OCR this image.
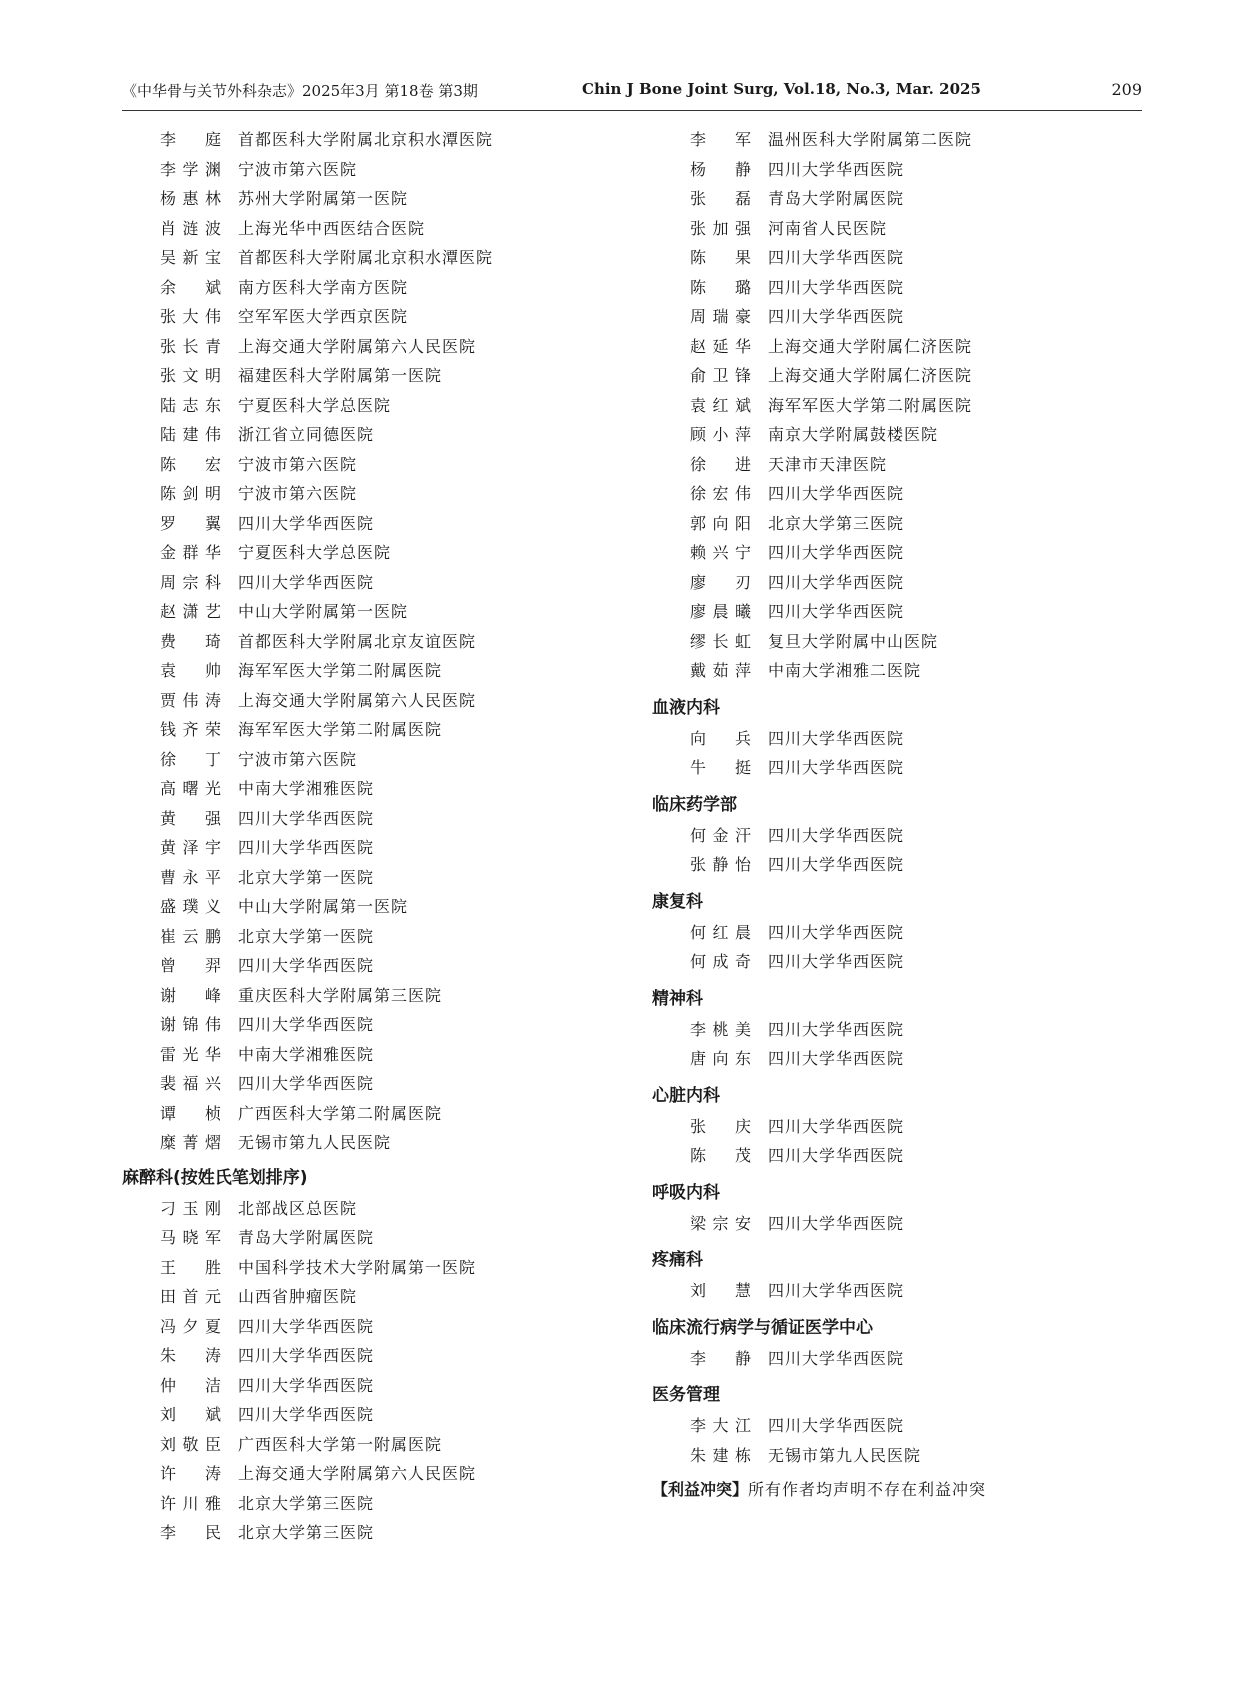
《中华骨与关节外科杂志》2025年3月 第18卷 第3期	Chin J Bone Joint Surg, Vol.18, No.3, Mar. 2025	209
李　庭 首都医科大学附属北京积水潭医院
李学渊 宁波市第六医院
杨惠林 苏州大学附属第一医院
肖涟波 上海光华中西医结合医院
吴新宝 首都医科大学附属北京积水潭医院
余　斌 南方医科大学南方医院
张大伟 空军军医大学西京医院
张长青 上海交通大学附属第六人民医院
张文明 福建医科大学附属第一医院
陆志东 宁夏医科大学总医院
陆建伟 浙江省立同德医院
陈　宏 宁波市第六医院
陈剑明 宁波市第六医院
罗　翼 四川大学华西医院
金群华 宁夏医科大学总医院
周宗科 四川大学华西医院
赵潇艺 中山大学附属第一医院
费　琦 首都医科大学附属北京友谊医院
袁　帅 海军军医大学第二附属医院
贾伟涛 上海交通大学附属第六人民医院
钱齐荣 海军军医大学第二附属医院
徐　丁 宁波市第六医院
高曙光 中南大学湘雅医院
黄　强 四川大学华西医院
黄泽宇 四川大学华西医院
曹永平 北京大学第一医院
盛璞义 中山大学附属第一医院
崔云鹏 北京大学第一医院
曾　羿 四川大学华西医院
谢　峰 重庆医科大学附属第三医院
谢锦伟 四川大学华西医院
雷光华 中南大学湘雅医院
裴福兴 四川大学华西医院
谭　桢 广西医科大学第二附属医院
糜菁熠 无锡市第九人民医院
麻醉科(按姓氏笔划排序)
刁玉刚 北部战区总医院
马晓军 青岛大学附属医院
王　胜 中国科学技术大学附属第一医院
田首元 山西省肿瘤医院
冯夕夏 四川大学华西医院
朱　涛 四川大学华西医院
仲　洁 四川大学华西医院
刘　斌 四川大学华西医院
刘敬臣 广西医科大学第一附属医院
许　涛 上海交通大学附属第六人民医院
许川雅 北京大学第三医院
李　民 北京大学第三医院
李　军 温州医科大学附属第二医院
杨　静 四川大学华西医院
张　磊 青岛大学附属医院
张加强 河南省人民医院
陈　果 四川大学华西医院
陈　璐 四川大学华西医院
周瑞豪 四川大学华西医院
赵延华 上海交通大学附属仁济医院
俞卫锋 上海交通大学附属仁济医院
袁红斌 海军军医大学第二附属医院
顾小萍 南京大学附属鼓楼医院
徐　进 天津市天津医院
徐宏伟 四川大学华西医院
郭向阳 北京大学第三医院
赖兴宁 四川大学华西医院
廖　刃 四川大学华西医院
廖晨曦 四川大学华西医院
缪长虹 复旦大学附属中山医院
戴茹萍 中南大学湘雅二医院
血液内科
向　兵 四川大学华西医院
牛　挺 四川大学华西医院
临床药学部
何金汗 四川大学华西医院
张静怡 四川大学华西医院
康复科
何红晨 四川大学华西医院
何成奇 四川大学华西医院
精神科
李桃美 四川大学华西医院
唐向东 四川大学华西医院
心脏内科
张　庆 四川大学华西医院
陈　茂 四川大学华西医院
呼吸内科
梁宗安 四川大学华西医院
疼痛科
刘　慧 四川大学华西医院
临床流行病学与循证医学中心
李　静 四川大学华西医院
医务管理
李大江 四川大学华西医院
朱建栋 无锡市第九人民医院
【利益冲突】所有作者均声明不存在利益冲突
